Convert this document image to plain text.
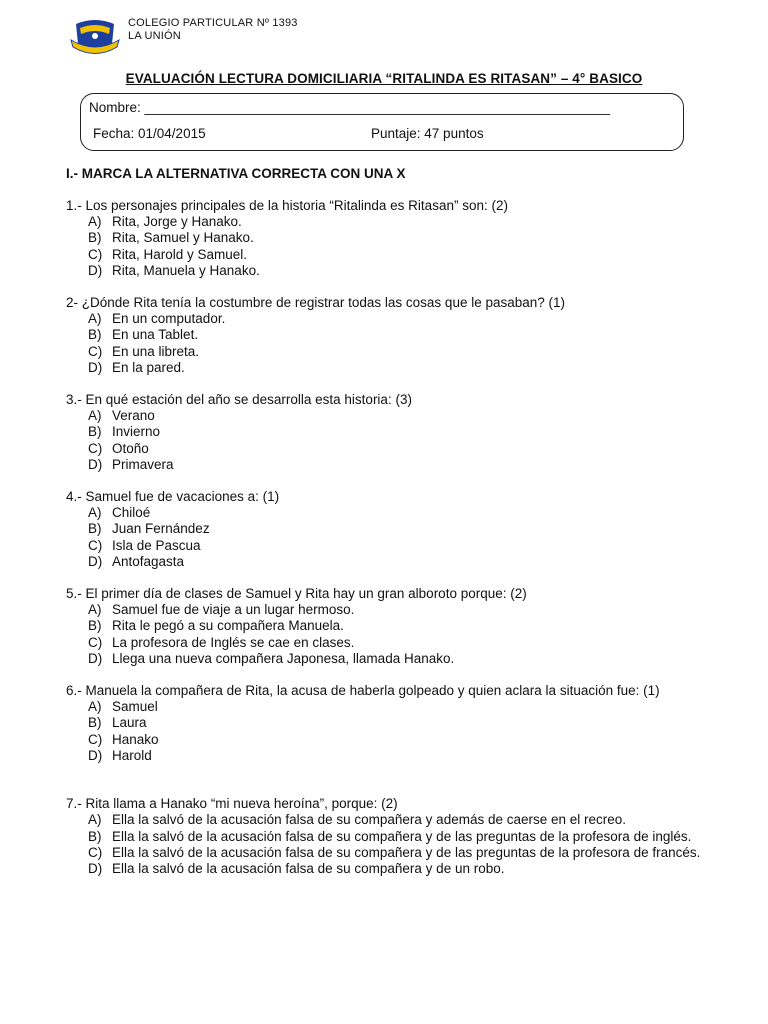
COLEGIO PARTICULAR Nº 1393
LA UNIÓN
EVALUACIÓN LECTURA DOMICILIARIA “RITALINDA ES RITASAN” – 4° BASICO
Nombre: ______________________________________________________________
Fecha: 01/04/2015	Puntaje: 47 puntos
I.- MARCA LA ALTERNATIVA CORRECTA CON UNA X
1.- Los personajes principales de la historia “Ritalinda es Ritasan” son: (2)
A) Rita, Jorge y Hanako.
B) Rita, Samuel y Hanako.
C) Rita, Harold y Samuel.
D) Rita, Manuela y Hanako.
2- ¿Dónde Rita tenía la costumbre de registrar todas las cosas que le pasaban? (1)
A) En un computador.
B) En una Tablet.
C) En una libreta.
D) En la pared.
3.- En qué estación del año se desarrolla esta historia: (3)
A) Verano
B) Invierno
C) Otoño
D) Primavera
4.- Samuel fue de vacaciones a: (1)
A) Chiloé
B) Juan Fernández
C) Isla de Pascua
D) Antofagasta
5.- El primer día de clases de Samuel y Rita hay un gran alboroto porque: (2)
A) Samuel fue de viaje a un lugar hermoso.
B) Rita le pegó a su compañera Manuela.
C) La profesora de Inglés se cae en clases.
D) Llega una nueva compañera Japonesa, llamada Hanako.
6.- Manuela la compañera de Rita, la acusa de haberla golpeado y quien aclara la situación fue: (1)
A) Samuel
B) Laura
C) Hanako
D) Harold
7.- Rita llama a Hanako “mi nueva heroína”, porque: (2)
A) Ella la salvó de la acusación falsa de su compañera y además de caerse en el recreo.
B) Ella la salvó de la acusación falsa de su compañera y de las preguntas de la profesora de inglés.
C) Ella la salvó de la acusación falsa de su compañera y de las preguntas de la profesora de francés.
D) Ella la salvó de la acusación falsa de su compañera y de un robo.
